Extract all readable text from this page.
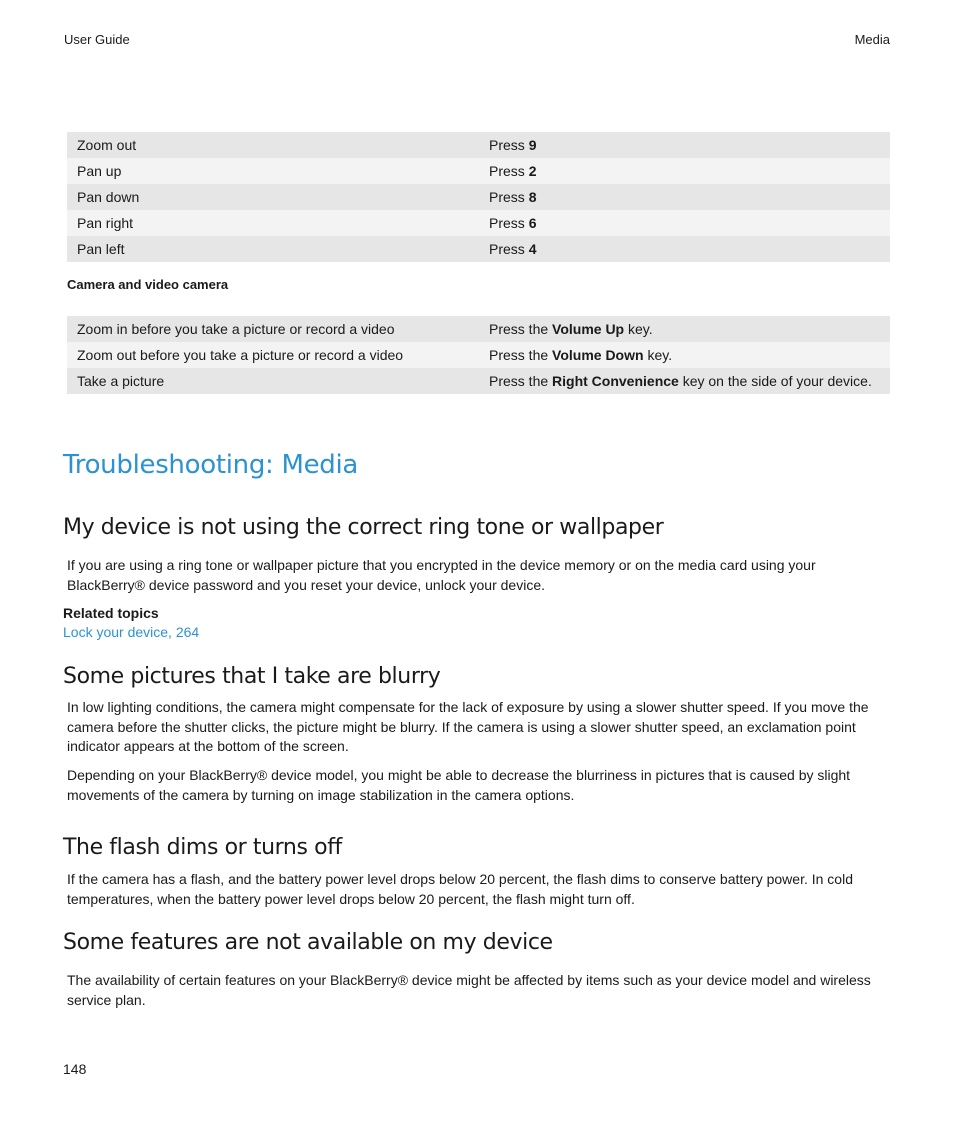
User Guide	Media
Zoom out	Press 9
Pan up	Press 2
Pan down	Press 8
Pan right	Press 6
Pan left	Press 4
Camera and video camera
Zoom in before you take a picture or record a video	Press the Volume Up key.
Zoom out before you take a picture or record a video	Press the Volume Down key.
Take a picture	Press the Right Convenience key on the side of your device.
Troubleshooting: Media
My device is not using the correct ring tone or wallpaper

If you are using a ring tone or wallpaper picture that you encrypted in the device memory or on the media card using your BlackBerry® device password and you reset your device, unlock your device.

Related topics
Lock your device, 264
Some pictures that I take are blurry

In low lighting conditions, the camera might compensate for the lack of exposure by using a slower shutter speed. If you move the camera before the shutter clicks, the picture might be blurry. If the camera is using a slower shutter speed, an exclamation point indicator appears at the bottom of the screen.

Depending on your BlackBerry® device model, you might be able to decrease the blurriness in pictures that is caused by slight movements of the camera by turning on image stabilization in the camera options.

The flash dims or turns off

If the camera has a flash, and the battery power level drops below 20 percent, the flash dims to conserve battery power. In cold temperatures, when the battery power level drops below 20 percent, the flash might turn off.

Some features are not available on my device

The availability of certain features on your BlackBerry® device might be affected by items such as your device model and wireless service plan.

148
